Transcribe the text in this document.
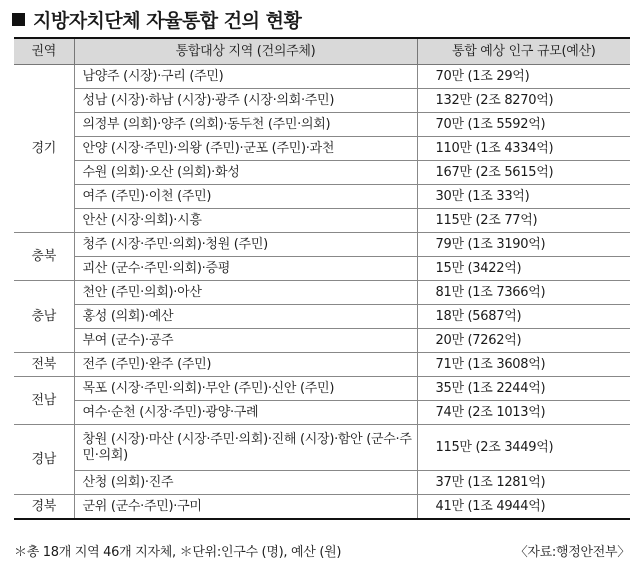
지방자치단체 자율통합 건의 현황
권역	통합대상 지역 (건의주체)	통합 예상 인구 규모(예산)
경기	남양주 (시장)·구리 (주민)	70만 (1조 29억)
	성남 (시장)·하남 (시장)·광주 (시장·의회·주민)	132만 (2조 8270억)
	의정부 (의회)·양주 (의회)·동두천 (주민·의회)	70만 (1조 5592억)
	안양 (시장·주민)·의왕 (주민)·군포 (주민)·과천	110만 (1조 4334억)
	수원 (의회)·오산 (의회)·화성	167만 (2조 5615억)
	여주 (주민)·이천 (주민)	30만 (1조 33억)
	안산 (시장·의회)·시흥	115만 (2조 77억)
충북	청주 (시장·주민·의회)·청원 (주민)	79만 (1조 3190억)
	괴산 (군수·주민·의회)·증평	15만 (3422억)
충남	천안 (주민·의회)·아산	81만 (1조 7366억)
	홍성 (의회)·예산	18만 (5687억)
	부여 (군수)·공주	20만 (7262억)
전북	전주 (주민)·완주 (주민)	71만 (1조 3608억)
전남	목포 (시장·주민·의회)·무안 (주민)·신안 (주민)	35만 (1조 2244억)
	여수·순천 (시장·주민)·광양·구례	74만 (2조 1013억)
경남	창원 (시장)·마산 (시장·주민·의회)·진해 (시장)·함안 (군수·주민·의회)	115만 (2조 3449억)
	산청 (의회)·진주	37만 (1조 1281억)
경북	군위 (군수·주민)·구미	41만 (1조 4944억)
＊총 18개 지역 46개 지자체, ＊단위:인구수 (명), 예산 (원)	〈자료:행정안전부〉
